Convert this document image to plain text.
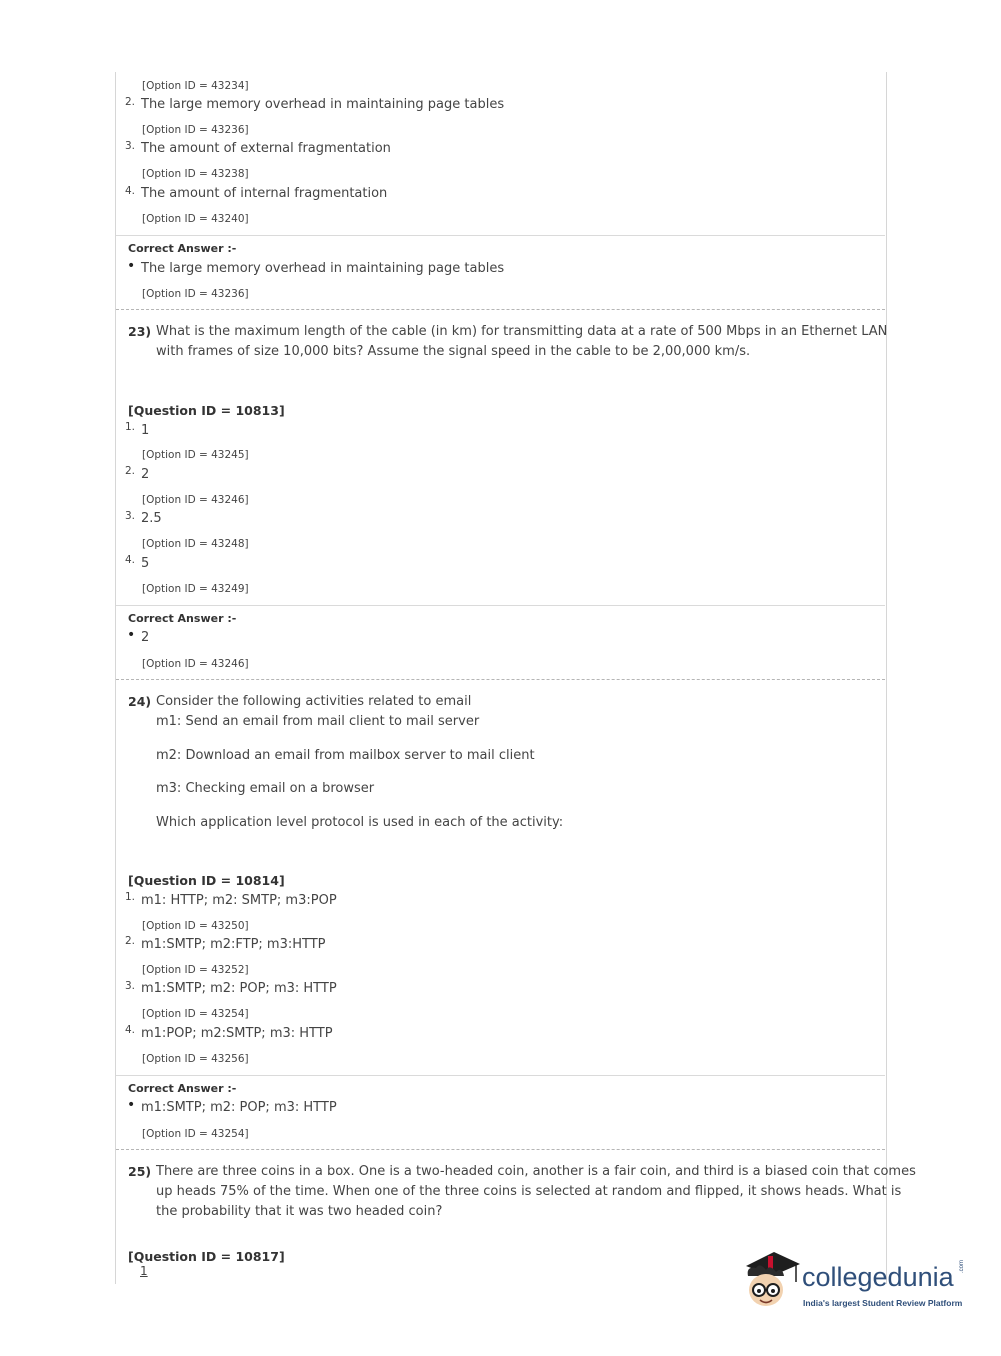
[Option ID = 43234]
2. The large memory overhead in maintaining page tables
[Option ID = 43236]
3. The amount of external fragmentation
[Option ID = 43238]
4. The amount of internal fragmentation
[Option ID = 43240]
Correct Answer :-
• The large memory overhead in maintaining page tables
[Option ID = 43236]
23) What is the maximum length of the cable (in km) for transmitting data at a rate of 500 Mbps in an Ethernet LAN
with frames of size 10,000 bits? Assume the signal speed in the cable to be 2,00,000 km/s.
[Question ID = 10813]
1. 1
[Option ID = 43245]
2. 2
[Option ID = 43246]
3. 2.5
[Option ID = 43248]
4. 5
[Option ID = 43249]
Correct Answer :-
• 2
[Option ID = 43246]
24) Consider the following activities related to email
m1: Send an email from mail client to mail server
m2: Download an email from mailbox server to mail client
m3: Checking email on a browser
Which application level protocol is used in each of the activity:
[Question ID = 10814]
1. m1: HTTP; m2: SMTP; m3:POP
[Option ID = 43250]
2. m1:SMTP; m2:FTP; m3:HTTP
[Option ID = 43252]
3. m1:SMTP; m2: POP; m3: HTTP
[Option ID = 43254]
4. m1:POP; m2:SMTP; m3: HTTP
[Option ID = 43256]
Correct Answer :-
• m1:SMTP; m2: POP; m3: HTTP
[Option ID = 43254]
25) There are three coins in a box. One is a two-headed coin, another is a fair coin, and third is a biased coin that comes
up heads 75% of the time. When one of the three coins is selected at random and flipped, it shows heads. What is
the probability that it was two headed coin?
[Question ID = 10817]
1	collegedunia .com
India's largest Student Review Platform
